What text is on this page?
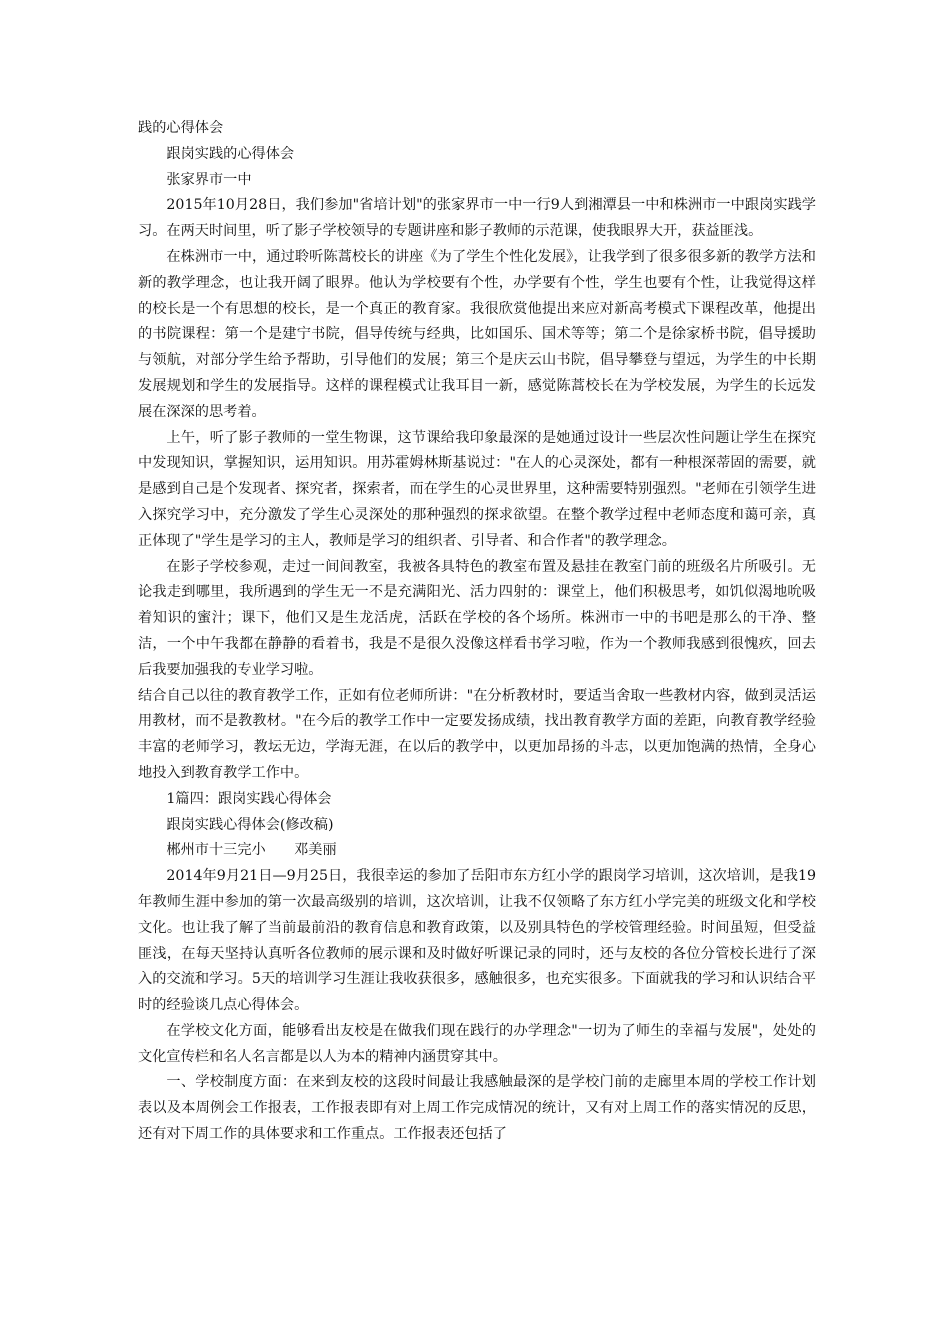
践的心得体会

跟岗实践的心得体会

张家界市一中

2015年10月28日，我们参加"省培计划"的张家界市一中一行9人到湘潭县一中和株洲市一中跟岗实践学习。在两天时间里，听了影子学校领导的专题讲座和影子教师的示范课，使我眼界大开，获益匪浅。

在株洲市一中，通过聆听陈蒿校长的讲座《为了学生个性化发展》，让我学到了很多很多新的教学方法和新的教学理念，也让我开阔了眼界。他认为学校要有个性，办学要有个性，学生也要有个性，让我觉得这样的校长是一个有思想的校长，是一个真正的教育家。我很欣赏他提出来应对新高考模式下课程改革，他提出的书院课程：第一个是建宁书院，倡导传统与经典，比如国乐、国术等等；第二个是徐家桥书院，倡导援助与领航，对部分学生给予帮助，引导他们的发展；第三个是庆云山书院，倡导攀登与望远，为学生的中长期发展规划和学生的发展指导。这样的课程模式让我耳目一新，感觉陈蒿校长在为学校发展，为学生的长远发展在深深的思考着。

上午，听了影子教师的一堂生物课，这节课给我印象最深的是她通过设计一些层次性问题让学生在探究中发现知识，掌握知识，运用知识。用苏霍姆林斯基说过："在人的心灵深处，都有一种根深蒂固的需要，就是感到自己是个发现者、探究者，探索者，而在学生的心灵世界里，这种需要特别强烈。"老师在引领学生进入探究学习中，充分激发了学生心灵深处的那种强烈的探求欲望。在整个教学过程中老师态度和蔼可亲，真正体现了"学生是学习的主人，教师是学习的组织者、引导者、和合作者"的教学理念。

在影子学校参观，走过一间间教室，我被各具特色的教室布置及悬挂在教室门前的班级名片所吸引。无论我走到哪里，我所遇到的学生无一不是充满阳光、活力四射的：课堂上，他们积极思考，如饥似渴地吮吸着知识的蜜汁；课下，他们又是生龙活虎，活跃在学校的各个场所。株洲市一中的书吧是那么的干净、整洁，一个中午我都在静静的看着书，我是不是很久没像这样看书学习啦，作为一个教师我感到很愧疚，回去后我要加强我的专业学习啦。

结合自己以往的教育教学工作，正如有位老师所讲："在分析教材时，要适当舍取一些教材内容，做到灵活运用教材，而不是教教材。"在今后的教学工作中一定要发扬成绩，找出教育教学方面的差距，向教育教学经验丰富的老师学习，教坛无边，学海无涯，在以后的教学中，以更加昂扬的斗志，以更加饱满的热情，全身心地投入到教育教学工作中。

1篇四：跟岗实践心得体会

跟岗实践心得体会(修改稿)

郴州市十三完小　　邓美丽

2014年9月21日—9月25日，我很幸运的参加了岳阳市东方红小学的跟岗学习培训，这次培训，是我19年教师生涯中参加的第一次最高级别的培训，这次培训，让我不仅领略了东方红小学完美的班级文化和学校文化。也让我了解了当前最前沿的教育信息和教育政策，以及别具特色的学校管理经验。时间虽短，但受益匪浅，在每天坚持认真听各位教师的展示课和及时做好听课记录的同时，还与友校的各位分管校长进行了深入的交流和学习。5天的培训学习生涯让我收获很多，感触很多，也充实很多。下面就我的学习和认识结合平时的经验谈几点心得体会。

在学校文化方面，能够看出友校是在做我们现在践行的办学理念"一切为了师生的幸福与发展"，处处的文化宣传栏和名人名言都是以人为本的精神内涵贯穿其中。

一、学校制度方面：在来到友校的这段时间最让我感触最深的是学校门前的走廊里本周的学校工作计划表以及本周例会工作报表，工作报表即有对上周工作完成情况的统计，又有对上周工作的落实情况的反思，还有对下周工作的具体要求和工作重点。工作报表还包括了
